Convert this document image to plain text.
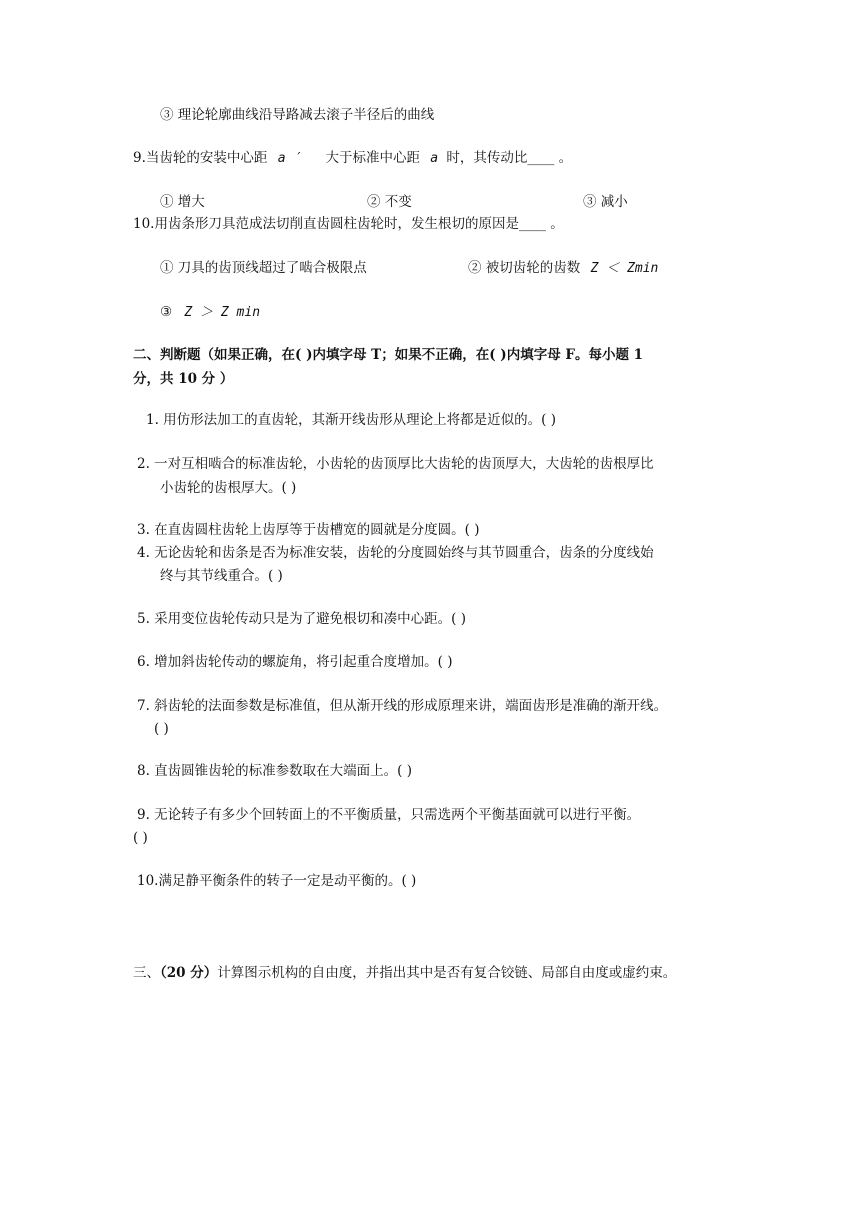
③ 理论轮廓曲线沿导路减去滚子半径后的曲线
9.当齿轮的安装中心距 a ′ 大于标准中心距 a 时，其传动比____ 。
① 增大	② 不变	③ 减小
10.用齿条形刀具范成法切削直齿圆柱齿轮时，发生根切的原因是____ 。
① 刀具的齿顶线超过了啮合极限点	② 被切齿轮的齿数 Z ＜ Zmin
③ Z ＞ Z min
二、判断题（如果正确，在( )内填字母 T；如果不正确，在( )内填字母 F。每小题 1
分，共 10 分 ）
1. 用仿形法加工的直齿轮，其渐开线齿形从理论上将都是近似的。( )
2. 一对互相啮合的标准齿轮，小齿轮的齿顶厚比大齿轮的齿顶厚大，大齿轮的齿根厚比
小齿轮的齿根厚大。( )
3. 在直齿圆柱齿轮上齿厚等于齿槽宽的圆就是分度圆。( )
4. 无论齿轮和齿条是否为标准安装，齿轮的分度圆始终与其节圆重合，齿条的分度线始
终与其节线重合。( )
5. 采用变位齿轮传动只是为了避免根切和凑中心距。( )
6. 增加斜齿轮传动的螺旋角，将引起重合度增加。( )
7. 斜齿轮的法面参数是标准值，但从渐开线的形成原理来讲，端面齿形是准确的渐开线。
( )
8. 直齿圆锥齿轮的标准参数取在大端面上。( )
9. 无论转子有多少个回转面上的不平衡质量，只需选两个平衡基面就可以进行平衡。
( )
10.满足静平衡条件的转子一定是动平衡的。( )
三、（20 分）计算图示机构的自由度，并指出其中是否有复合铰链、局部自由度或虚约束。
